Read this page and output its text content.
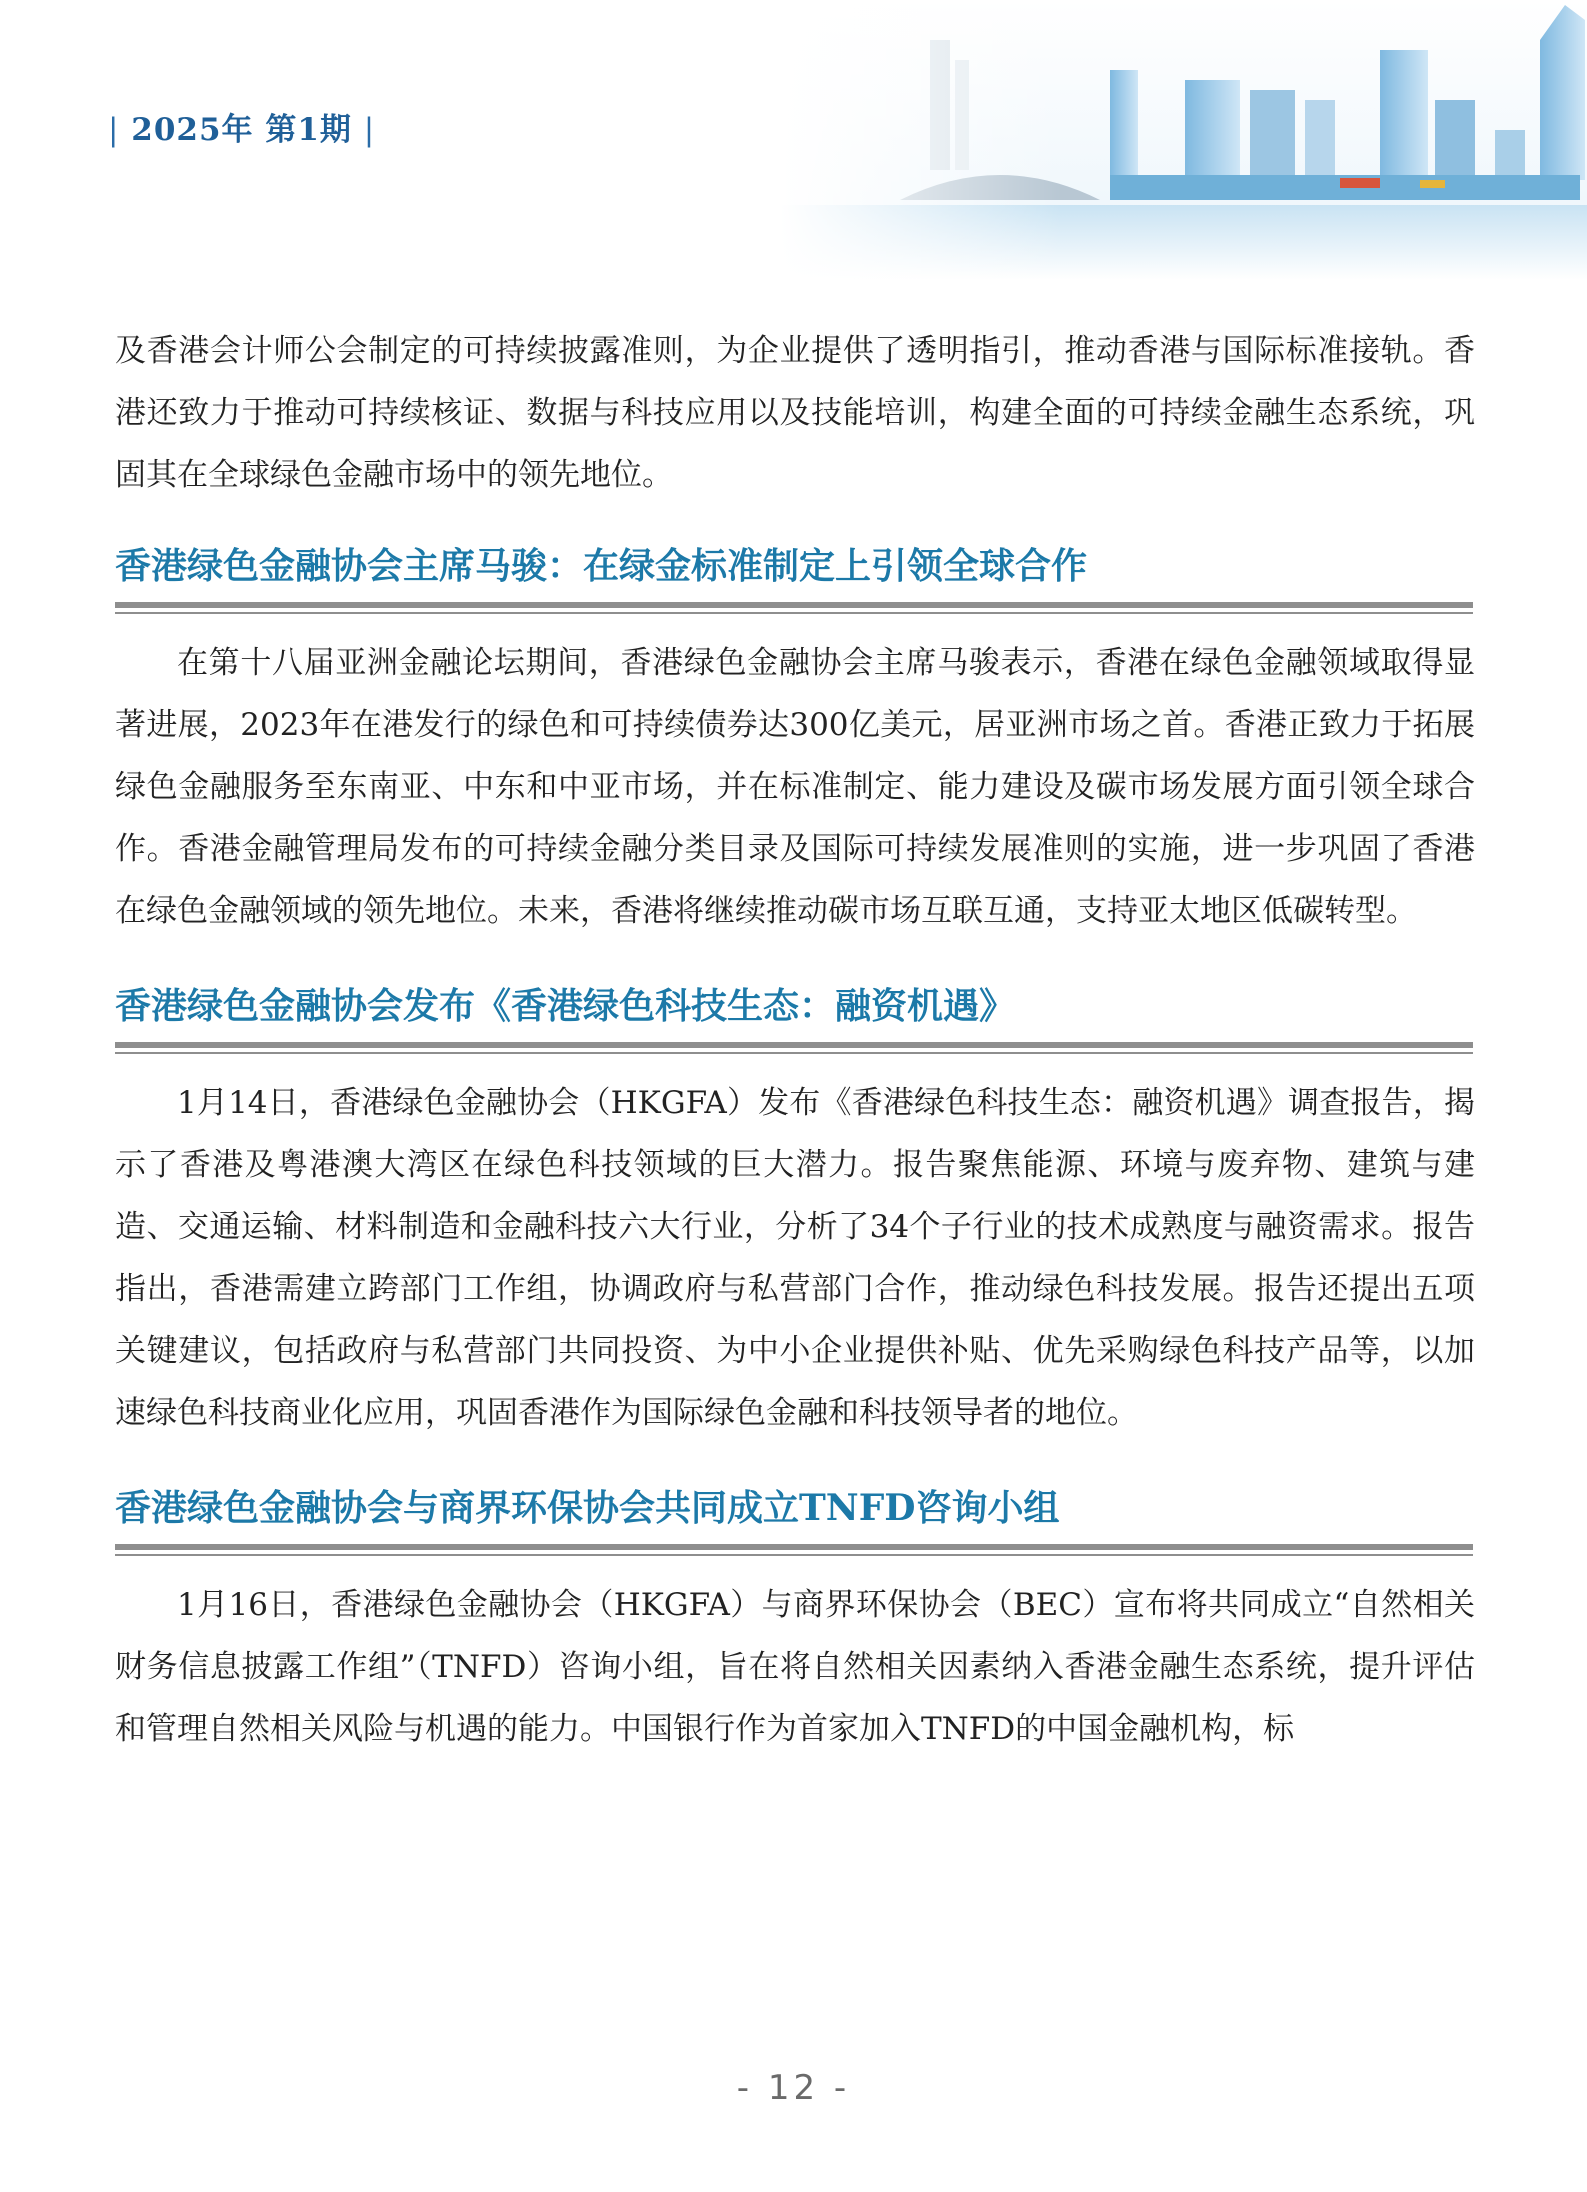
| 2025年 第1期 |

及香港会计师公会制定的可持续披露准则，为企业提供了透明指引，推动香港与国际标准接轨。香港还致力于推动可持续核证、数据与科技应用以及技能培训，构建全面的可持续金融生态系统，巩固其在全球绿色金融市场中的领先地位。

香港绿色金融协会主席马骏：在绿金标准制定上引领全球合作

在第十八届亚洲金融论坛期间，香港绿色金融协会主席马骏表示，香港在绿色金融领域取得显著进展，2023年在港发行的绿色和可持续债券达300亿美元，居亚洲市场之首。香港正致力于拓展绿色金融服务至东南亚、中东和中亚市场，并在标准制定、能力建设及碳市场发展方面引领全球合作。香港金融管理局发布的可持续金融分类目录及国际可持续发展准则的实施，进一步巩固了香港在绿色金融领域的领先地位。未来，香港将继续推动碳市场互联互通，支持亚太地区低碳转型。

香港绿色金融协会发布《香港绿色科技生态：融资机遇》

1月14日，香港绿色金融协会（HKGFA）发布《香港绿色科技生态：融资机遇》调查报告，揭示了香港及粤港澳大湾区在绿色科技领域的巨大潜力。报告聚焦能源、环境与废弃物、建筑与建造、交通运输、材料制造和金融科技六大行业，分析了34个子行业的技术成熟度与融资需求。报告指出，香港需建立跨部门工作组，协调政府与私营部门合作，推动绿色科技发展。报告还提出五项关键建议，包括政府与私营部门共同投资、为中小企业提供补贴、优先采购绿色科技产品等，以加速绿色科技商业化应用，巩固香港作为国际绿色金融和科技领导者的地位。

香港绿色金融协会与商界环保协会共同成立TNFD咨询小组

1月16日，香港绿色金融协会（HKGFA）与商界环保协会（BEC）宣布将共同成立“自然相关财务信息披露工作组”（TNFD）咨询小组，旨在将自然相关因素纳入香港金融生态系统，提升评估和管理自然相关风险与机遇的能力。中国银行作为首家加入TNFD的中国金融机构，标

- 12 -
